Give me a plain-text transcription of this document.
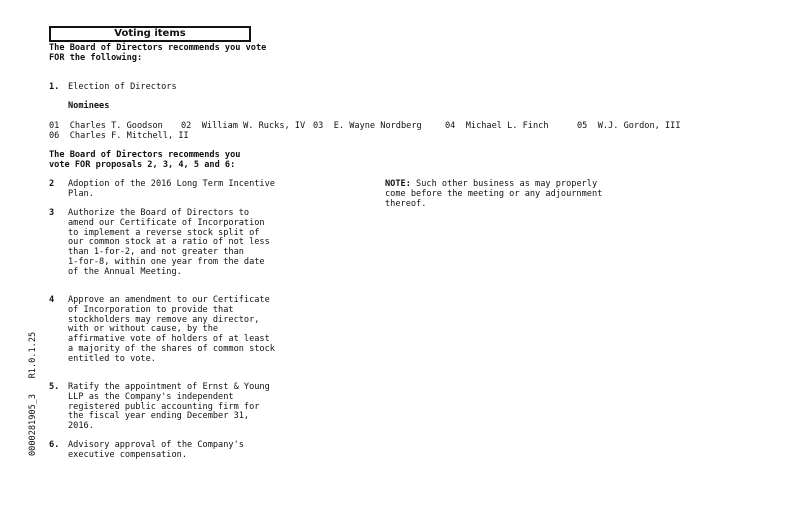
Voting items
The Board of Directors recommends you vote
FOR the following:
1. Election of Directors
Nominees
01 Charles T. Goodson 02 William W. Rucks, IV 03 E. Wayne Nordberg	04 Michael L. Finch	05 W.J. Gordon, III
06 Charles F. Mitchell, II
The Board of Directors recommends you
vote FOR proposals 2, 3, 4, 5 and 6:
2 Adoption of the 2016 Long Term Incentive
Plan.
3 Authorize the Board of Directors to
amend our Certificate of Incorporation
to implement a reverse stock split of
our common stock at a ratio of not less
than 1-for-2, and not greater than
1-for-8, within one year from the date
of the Annual Meeting.
4 Approve an amendment to our Certificate
of Incorporation to provide that
stockholders may remove any director,
with or without cause, by the
affirmative vote of holders of at least
a majority of the shares of common stock
entitled to vote.
5. Ratify the appointment of Ernst & Young
LLP as the Company's independent
registered public accounting firm for
the fiscal year ending December 31,
2016.
6. Advisory approval of the Company's
executive compensation.
NOTE: Such other business as may properly
come before the meeting or any adjournment
thereof.
0000281905_3   R1.0.1.25
